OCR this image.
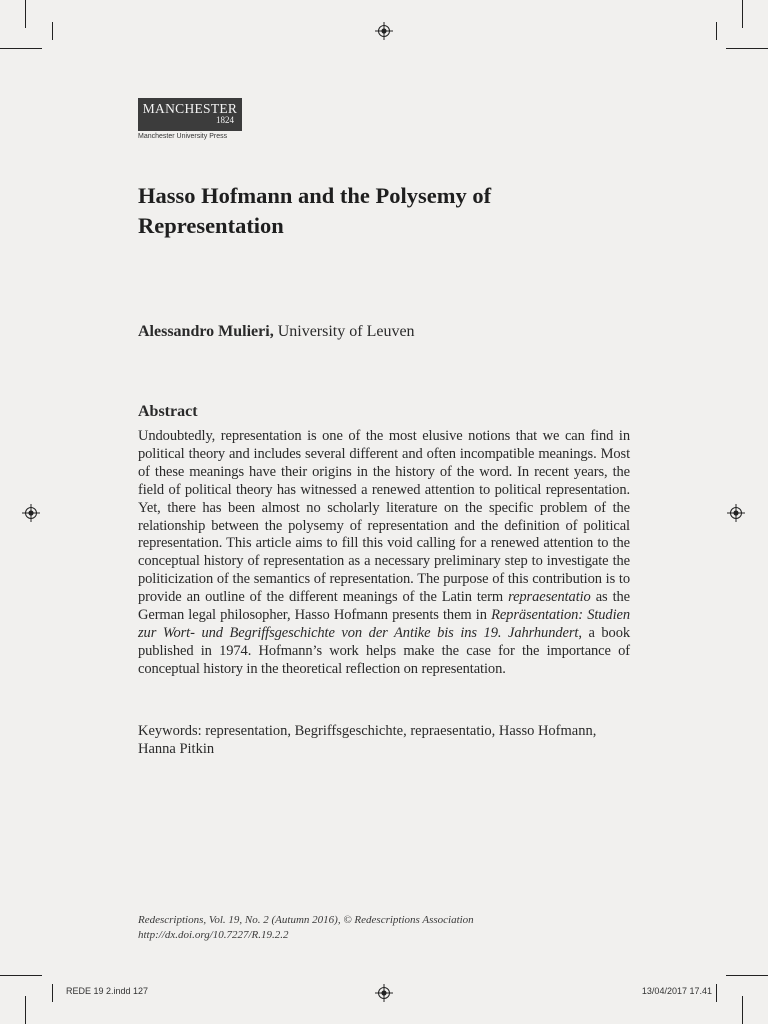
MANCHESTER
1824
Manchester University Press
Hasso Hofmann and the Polysemy of Representation
Alessandro Mulieri, University of Leuven
Abstract

Undoubtedly, representation is one of the most elusive notions that we can find in political theory and includes several different and often incompatible meanings. Most of these meanings have their origins in the history of the word. In recent years, the field of political theory has witnessed a renewed attention to political representation. Yet, there has been almost no scholarly literature on the specific problem of the relationship between the polysemy of representation and the definition of political representation. This article aims to fill this void calling for a renewed attention to the conceptual history of representation as a necessary preliminary step to investigate the politicization of the semantics of representation. The purpose of this contribution is to provide an outline of the different meanings of the Latin term repraesentatio as the German legal philosopher, Hasso Hofmann presents them in Repräsentation: Studien zur Wort- und Begriffsgeschichte von der Antike bis ins 19. Jahrhundert, a book published in 1974. Hofmann’s work helps make the case for the importance of conceptual history in the theoretical reflection on representation.

Keywords: representation, Begriffsgeschichte, repraesentatio, Hasso Hofmann, Hanna Pitkin

Redescriptions, Vol. 19, No. 2 (Autumn 2016), © Redescriptions Association
http://dx.doi.org/10.7227/R.19.2.2
REDE 19 2.indd 127	13/04/2017 17.41
